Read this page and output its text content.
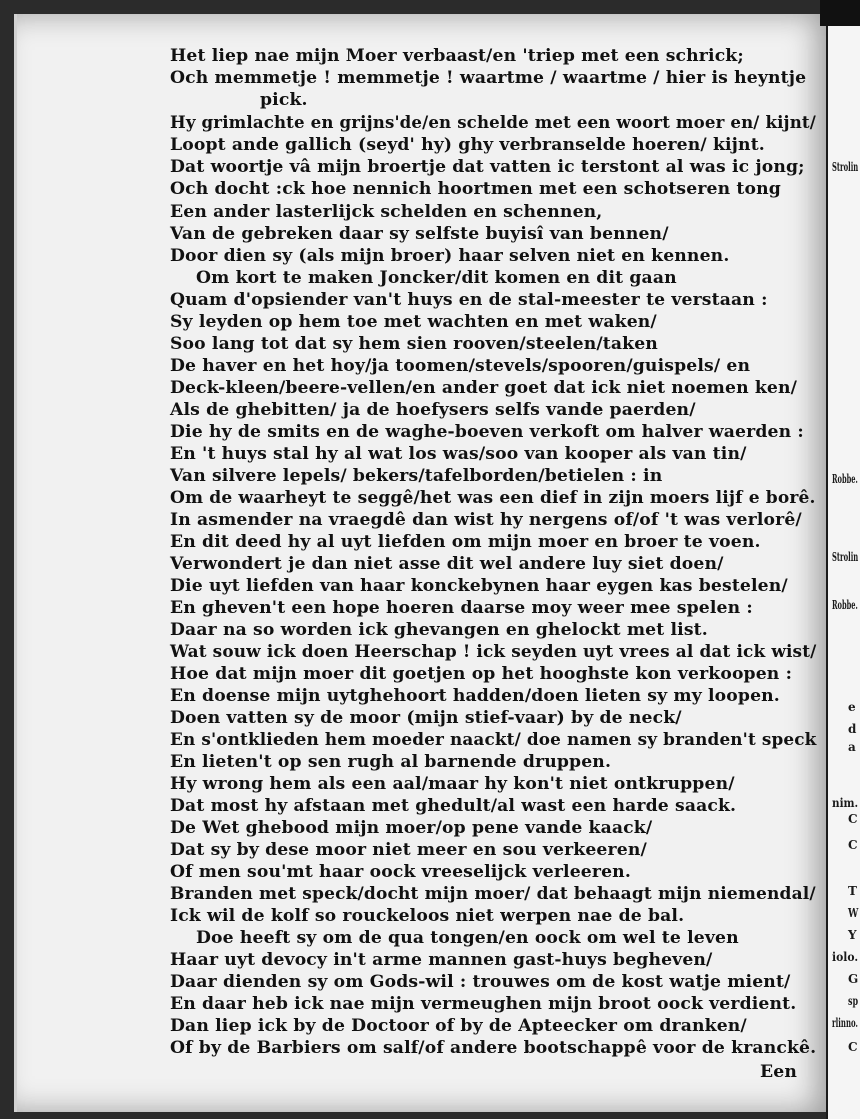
Het liep nae mijn Moer verbaast/en 'triep met een schrick;
Och memmetje ! memmetje ! waartme / waartme / hier is heyntje
pick.
Hy grimlachte en grijns'de/en schelde met een woort moer en/ kijnt/
Loopt ande gallich (seyd' hy) ghy verbranselde hoeren/ kijnt.
Dat woortje vâ mijn broertje dat vatten ic terstont al was ic jong;
Och docht :ck hoe nennich hoortmen met een schotseren tong
Een ander lasterlijck schelden en schennen,
Van de gebreken daar sy selfste buyisî van bennen/
Door dien sy (als mijn broer) haar selven niet en kennen.
Om kort te maken Joncker/dit komen en dit gaan
Quam d'opsiender van't huys en de stal-meester te verstaan :
Sy leyden op hem toe met wachten en met waken/
Soo lang tot dat sy hem sien rooven/steelen/taken
De haver en het hoy/ja toomen/stevels/spooren/guispels/ en
Deck-kleen/beere-vellen/en ander goet dat ick niet noemen ken/
Als de ghebitten/ ja de hoefysers selfs vande paerden/
Die hy de smits en de waghe-boeven verkoft om halver waerden :
En 't huys stal hy al wat los was/soo van kooper als van tin/
Van silvere lepels/ bekers/tafelborden/betielen : in
Om de waarheyt te seggê/het was een dief in zijn moers lijf e borê.
In asmender na vraegdê dan wist hy nergens of/of 't was verlorê/
En dit deed hy al uyt liefden om mijn moer en broer te voen.
Verwondert je dan niet asse dit wel andere luy siet doen/
Die uyt liefden van haar konckebynen haar eygen kas bestelen/
En gheven't een hope hoeren daarse moy weer mee spelen :
Daar na so worden ick ghevangen en ghelockt met list.
Wat souw ick doen Heerschap ! ick seyden uyt vrees al dat ick wist/
Hoe dat mijn moer dit goetjen op het hooghste kon verkoopen :
En doense mijn uytghehoort hadden/doen lieten sy my loopen.
Doen vatten sy de moor (mijn stief-vaar) by de neck/
En s'ontklieden hem moeder naackt/ doe namen sy branden't speck
En lieten't op sen rugh al barnende druppen.
Hy wrong hem als een aal/maar hy kon't niet ontkruppen/
Dat most hy afstaan met ghedult/al wast een harde saack.
De Wet ghebood mijn moer/op pene vande kaack/
Dat sy by dese moor niet meer en sou verkeeren/
Of men sou'mt haar oock vreeselijck verleeren.
Branden met speck/docht mijn moer/ dat behaagt mijn niemendal/
Ick wil de kolf so rouckeloos niet werpen nae de bal.
Doe heeft sy om de qua tongen/en oock om wel te leven
Haar uyt devocy in't arme mannen gast-huys begheven/
Daar dienden sy om Gods-wil : trouwes om de kost watje mient/
En daar heb ick nae mijn vermeughen mijn broot oock verdient.
Dan liep ick by de Doctoor of by de Apteecker om dranken/
Of by de Barbiers om salf/of andere bootschappê voor de kranckê.
Een
Strolin
Robbe.
Strolin
Robbe.
a
nim.
C
C
d
e
T
W
Y
iolo.
G
sp
rlinno.
C
